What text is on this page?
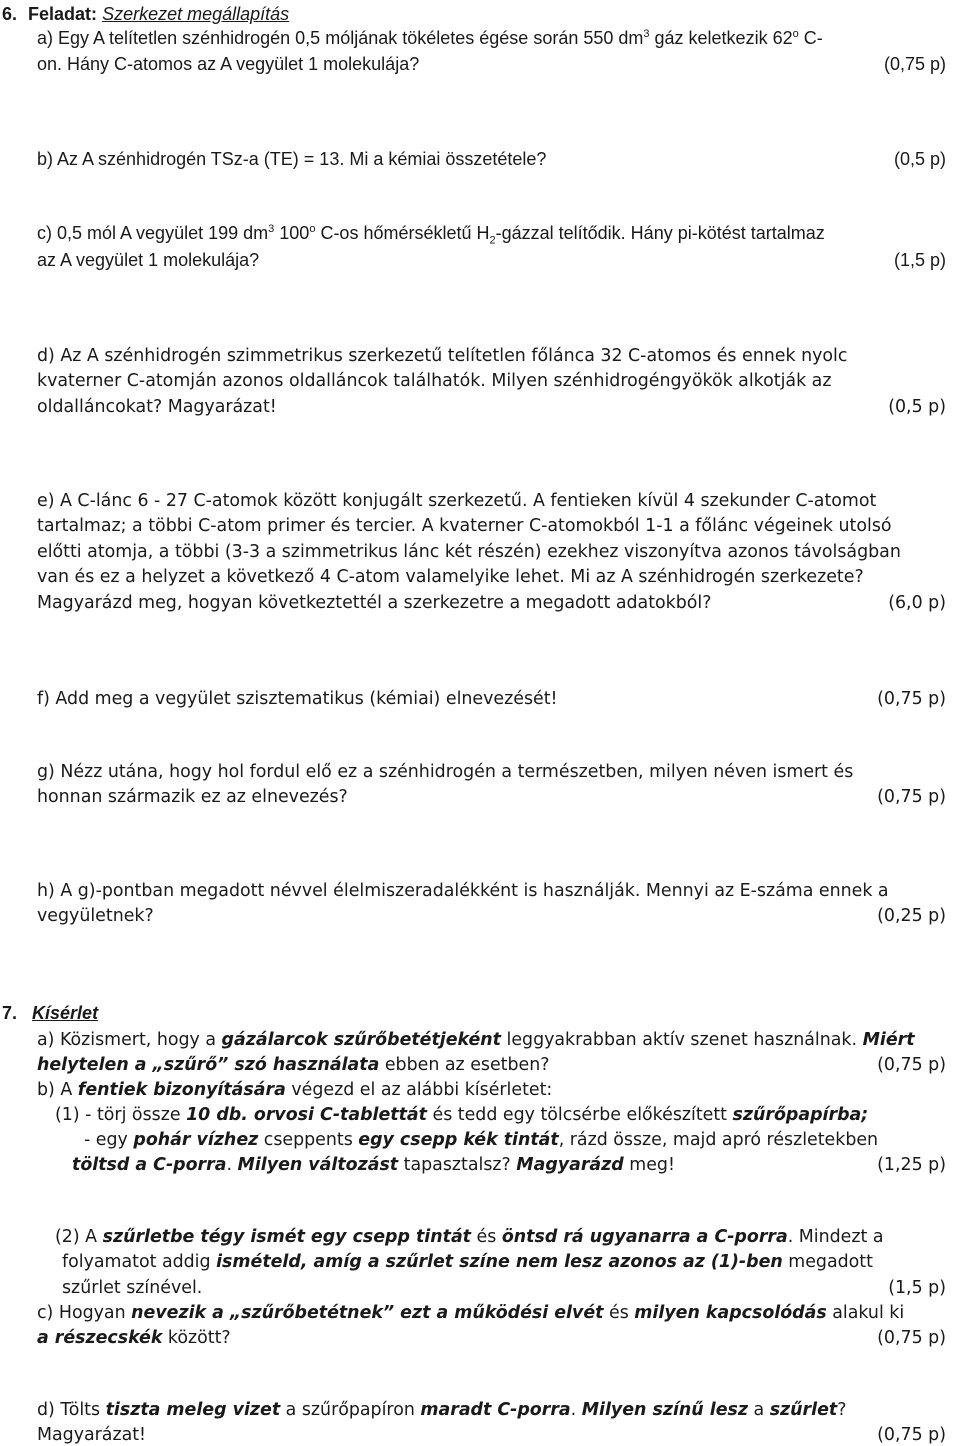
6. Feladat: Szerkezet megállapítás
a) Egy A telítetlen szénhidrogén 0,5 móljának tökéletes égése során 550 $dm^3$ gáz keletkezik 62$^o$ C-
on. Hány C-atomos az A vegyület 1 molekulája?	(0,75 p)
b) Az A szénhidrogén TSz-a (TE) = 13. Mi a kémiai összetétele?	(0,5 p)
c) 0,5 mól A vegyület 199 $dm^3$ 100$^o$ C-os hőmérsékletű $H_2$-gázzal telítődik. Hány pi-kötést tartalmaz
az A vegyület 1 molekulája?	(1,5 p)
d) Az A szénhidrogén szimmetrikus szerkezetű telítetlen főlánca 32 C-atomos és ennek nyolc
kvaterner C-atomján azonos oldalláncok találhatók. Milyen szénhidrogéngyökök alkotják az
oldalláncokat? Magyarázat!	(0,5 p)
e) A C-lánc 6 - 27 C-atomok között konjugált szerkezetű. A fentieken kívül 4 szekunder C-atomot
tartalmaz; a többi C-atom primer és tercier. A kvaterner C-atomokból 1-1 a főlánc végeinek utolsó
előtti atomja, a többi (3-3 a szimmetrikus lánc két részén) ezekhez viszonyítva azonos távolságban
van és ez a helyzet a következő 4 C-atom valamelyike lehet. Mi az A szénhidrogén szerkezete?
Magyarázd meg, hogyan következtettél a szerkezetre a megadott adatokból?	(6,0 p)
f) Add meg a vegyület szisztematikus (kémiai) elnevezését!	(0,75 p)
g) Nézz utána, hogy hol fordul elő ez a szénhidrogén a természetben, milyen néven ismert és
honnan származik ez az elnevezés?	(0,75 p)
h) A g)-pontban megadott névvel élelmiszeradalékként is használják. Mennyi az E-száma ennek a
vegyületnek?	(0,25 p)
7. Kísérlet
a) Közismert, hogy a gázálarcok szűrőbetétjeként leggyakrabban aktív szenet használnak. Miért
helytelen a „szűrő” szó használata ebben az esetben?	(0,75 p)
b) A fentiek bizonyítására végezd el az alábbi kísérletet:
(1) - törj össze 10 db. orvosi C-tablettát és tedd egy tölcsérbe előkészített szűrőpapírba;
- egy pohár vízhez cseppents egy csepp kék tintát, rázd össze, majd apró részletekben
töltsd a C-porra. Milyen változást tapasztalsz? Magyarázd meg!	(1,25 p)
(2) A szűrletbe tégy ismét egy csepp tintát és öntsd rá ugyanarra a C-porra. Mindezt a
folyamatot addig ismételd, amíg a szűrlet színe nem lesz azonos az (1)-ben megadott
szűrlet színével.	(1,5 p)
c) Hogyan nevezik a „szűrőbetétnek” ezt a működési elvét és milyen kapcsolódás alakul ki
a részecskék között?	(0,75 p)
d) Tölts tiszta meleg vizet a szűrőpapíron maradt C-porra. Milyen színű lesz a szűrlet?
Magyarázat!	(0,75 p)
